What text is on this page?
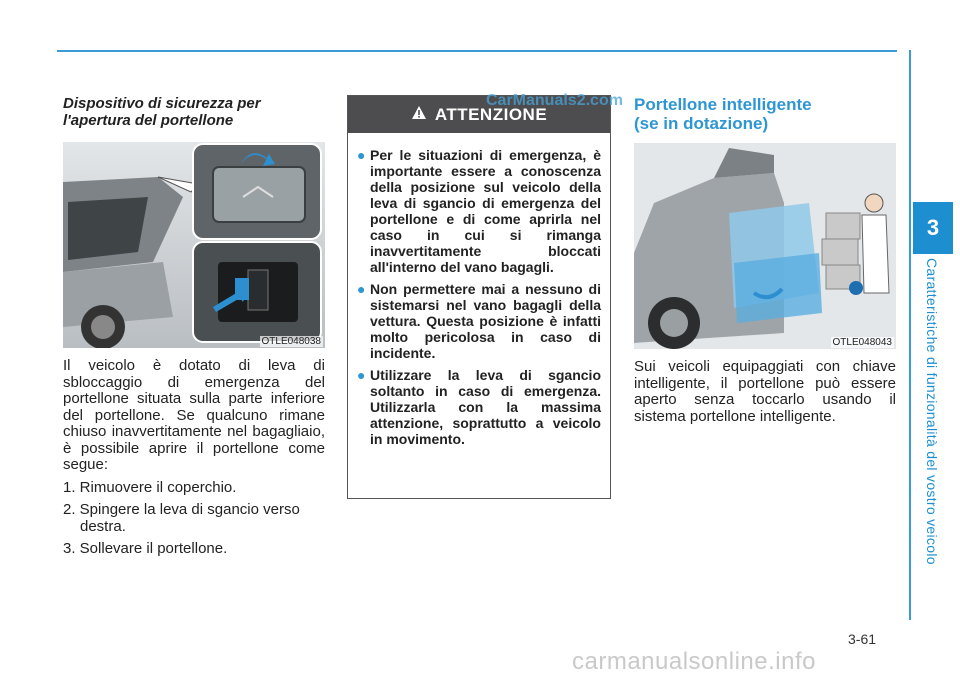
3
Caratteristiche di funzionalità del vostro veicolo
Dispositivo di sicurezza per l'apertura del portellone
OTLE048038

Il veicolo è dotato di leva di sbloccaggio di emergenza del portellone situata sulla parte inferiore del portellone. Se qualcuno rimane chiuso inavvertitamente nel bagagliaio, è possibile aprire il portellone come segue:

1. Rimuovere il coperchio.
2. Spingere la leva di sgancio verso destra.
3. Sollevare il portellone.
ATTENZIONE
● Per le situazioni di emergenza, è importante essere a conoscenza della posizione sul veicolo della leva di sgancio di emergenza del portellone e di come aprirla nel caso in cui si rimanga inavvertitamente bloccati all'interno del vano bagagli.
● Non permettere mai a nessuno di sistemarsi nel vano bagagli della vettura. Questa posizione è infatti molto pericolosa in caso di incidente.
● Utilizzare la leva di sgancio soltanto in caso di emergenza. Utilizzarla con la massima attenzione, soprattutto a veicolo in movimento.
CarManuals2.com Portellone intelligente
(se in dotazione)
OTLE048043

Sui veicoli equipaggiati con chiave intelligente, il portellone può essere aperto senza toccarlo usando il sistema portellone intelligente.

3-61
carmanualsonline.info
